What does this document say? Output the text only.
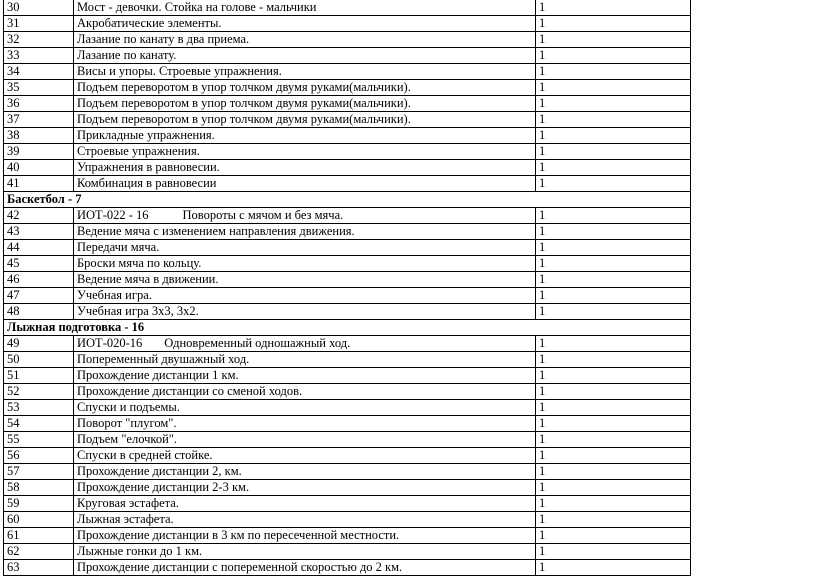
30	Мост - девочки. Стойка на голове - мальчики	1
31	Акробатические элементы.	1
32	Лазание по канату в два приема.	1
33	Лазание по канату.	1
34	Висы и упоры. Строевые упражнения.	1
35	Подъем переворотом в упор толчком двумя руками(мальчики).	1
36	Подъем переворотом в упор толчком двумя руками(мальчики).	1
37	Подъем переворотом в упор толчком двумя руками(мальчики).	1
38	Прикладные упражнения.	1
39	Строевые упражнения.	1
40	Упражнения в равновесии.	1
41	Комбинация в равновесии	1
Баскетбол - 7		
42	ИОТ-022 - 16 Повороты с мячом и без мяча.	1
43	Ведение мяча с изменением направления движения.	1
44	Передачи мяча.	1
45	Броски мяча по кольцу.	1
46	Ведение мяча в движении.	1
47	Учебная игра.	1
48	Учебная игра 3х3, 3х2.	1
Лыжная подготовка - 16		
49	ИОТ-020-16 Одновременный одношажный ход.	1
50	Попеременный двушажный ход.	1
51	Прохождение дистанции 1 км.	1
52	Прохождение дистанции со сменой ходов.	1
53	Спуски и подъемы.	1
54	Поворот "плугом".	1
55	Подъем "елочкой".	1
56	Спуски в средней стойке.	1
57	Прохождение дистанции 2, км.	1
58	Прохождение дистанции 2-3 км.	1
59	Круговая эстафета.	1
60	Лыжная эстафета.	1
61	Прохождение дистанции в 3 км по пересеченной местности.	1
62	Лыжные гонки до 1 км.	1
63	Прохождение дистанции с попеременной скоростью до 2 км.	1
